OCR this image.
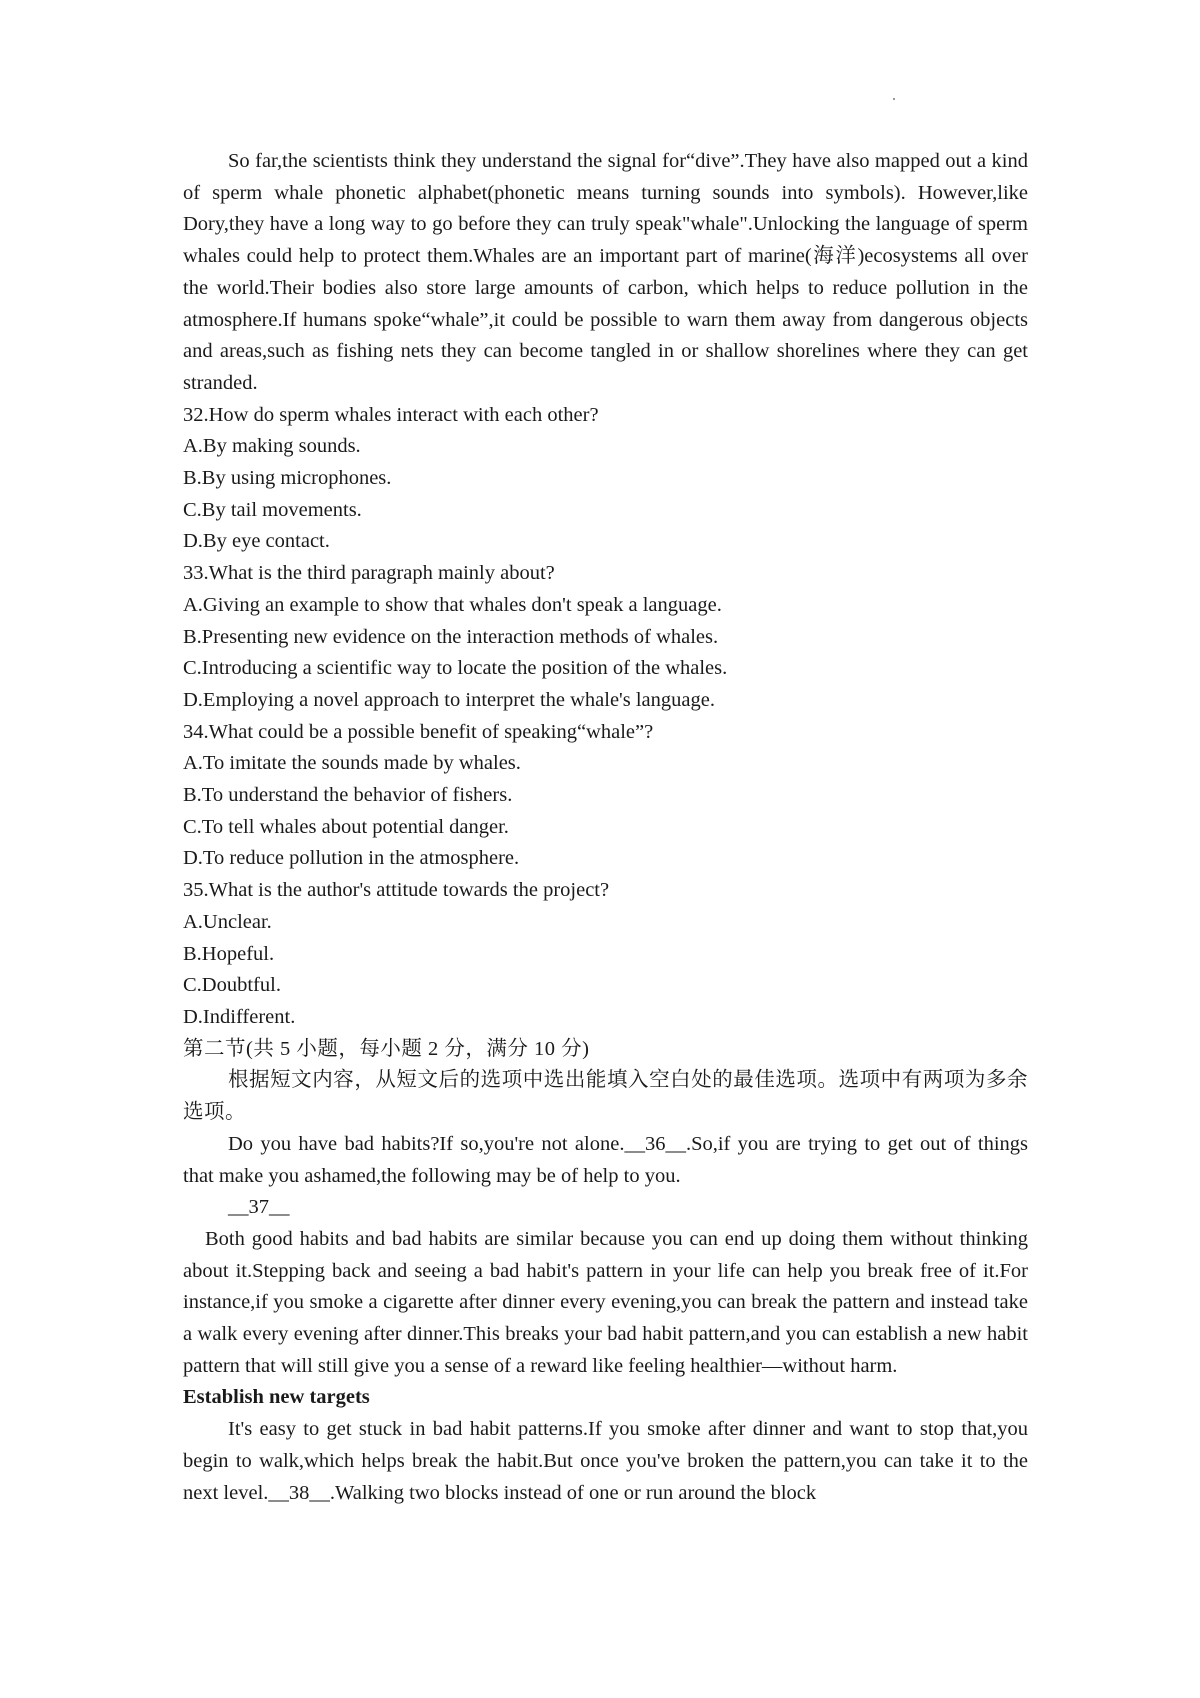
So far,the scientists think they understand the signal for“dive”.They have also mapped out a kind of sperm whale phonetic alphabet(phonetic means turning sounds into symbols). However,like Dory,they have a long way to go before they can truly speak"whale".Unlocking the language of sperm whales could help to protect them.Whales are an important part of marine(海洋)ecosystems all over the world.Their bodies also store large amounts of carbon, which helps to reduce pollution in the atmosphere.If humans spoke“whale”,it could be possible to warn them away from dangerous objects and areas,such as fishing nets they can become tangled in or shallow shorelines where they can get stranded.

32.How do sperm whales interact with each other?

A.By making sounds.

B.By using microphones.

C.By tail movements.

D.By eye contact.

33.What is the third paragraph mainly about?

A.Giving an example to show that whales don't speak a language.

B.Presenting new evidence on the interaction methods of whales.

C.Introducing a scientific way to locate the position of the whales.

D.Employing a novel approach to interpret the whale's language.

34.What could be a possible benefit of speaking“whale”?

A.To imitate the sounds made by whales.

B.To understand the behavior of fishers.

C.To tell whales about potential danger.

D.To reduce pollution in the atmosphere.

35.What is the author's attitude towards the project?

A.Unclear.

B.Hopeful.

C.Doubtful.

D.Indifferent.

第二节(共 5 小题，每小题 2 分，满分 10 分)

根据短文内容，从短文后的选项中选出能填入空白处的最佳选项。选项中有两项为多余选项。

Do you have bad habits?If so,you're not alone.__36__.So,if you are trying to get out of things that make you ashamed,the following may be of help to you.

__37__

Both good habits and bad habits are similar because you can end up doing them without thinking about it.Stepping back and seeing a bad habit's pattern in your life can help you break free of it.For instance,if you smoke a cigarette after dinner every evening,you can break the pattern and instead take a walk every evening after dinner.This breaks your bad habit pattern,and you can establish a new habit pattern that will still give you a sense of a reward like feeling healthier—without harm.

Establish new targets

It's easy to get stuck in bad habit patterns.If you smoke after dinner and want to stop that,you begin to walk,which helps break the habit.But once you've broken the pattern,you can take it to the next level.__38__.Walking two blocks instead of one or run around the block
